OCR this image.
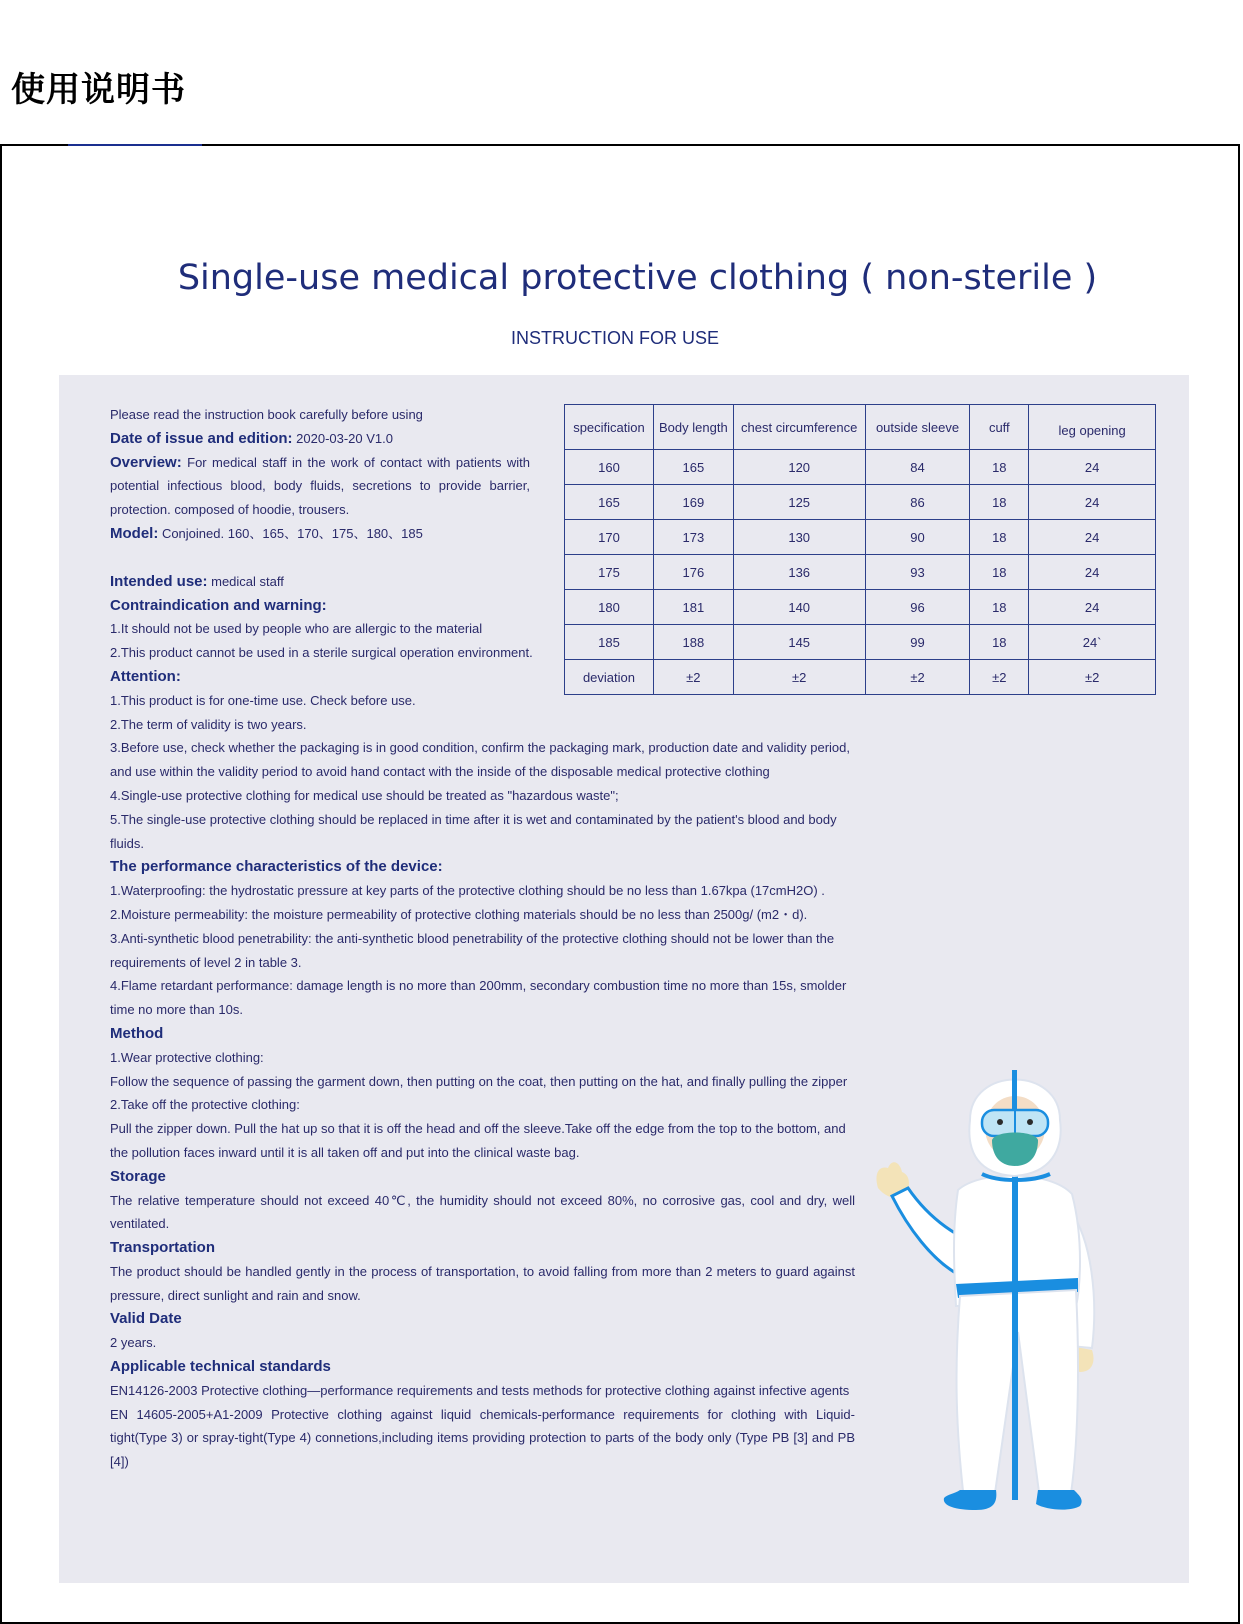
使用说明书
Single-use medical protective clothing ( non-sterile )
INSTRUCTION FOR USE

Please read the instruction book carefully before using

Date of issue and edition: 2020-03-20 V1.0

Overview: For medical staff in the work of contact with patients with potential infectious blood, body fluids, secretions to provide barrier, protection. composed of hoodie, trousers.

Model: Conjoined. 160、165、170、175、180、185

Intended use: medical staff

Contraindication and warning:

1.It should not be used by people who are allergic to the material

2.This product cannot be used in a sterile surgical operation environment.

Attention:

1.This product is for one-time use. Check before use.

2.The term of validity is two years.

3.Before use, check whether the packaging is in good condition, confirm the packaging mark, production date and validity period, and use within the validity period to avoid hand contact with the inside of the disposable medical protective clothing

4.Single-use protective clothing for medical use should be treated as "hazardous waste";

5.The single-use protective clothing should be replaced in time after it is wet and contaminated by the patient's blood and body fluids.

The performance characteristics of the device:

1.Waterproofing: the hydrostatic pressure at key parts of the protective clothing should be no less than 1.67kpa (17cmH2O) .

2.Moisture permeability: the moisture permeability of protective clothing materials should be no less than 2500g/ (m2・d).

3.Anti-synthetic blood penetrability: the anti-synthetic blood penetrability of the protective clothing should not be lower than the requirements of level 2 in table 3.

4.Flame retardant performance: damage length is no more than 200mm, secondary combustion time no more than 15s, smolder time no more than 10s.

Method

1.Wear protective clothing:

Follow the sequence of passing the garment down, then putting on the coat, then putting on the hat, and finally pulling the zipper

2.Take off the protective clothing:

Pull the zipper down. Pull the hat up so that it is off the head and off the sleeve.Take off the edge from the top to the bottom, and the pollution faces inward until it is all taken off and put into the clinical waste bag.

Storage

The relative temperature should not exceed 40℃, the humidity should not exceed 80%, no corrosive gas, cool and dry, well ventilated.

Transportation

The product should be handled gently in the process of transportation, to avoid falling from more than 2 meters to guard against pressure, direct sunlight and rain and snow.

Valid Date

2 years.

Applicable technical standards

EN14126-2003 Protective clothing—performance requirements and tests methods for protective clothing against infective agents

EN 14605-2005+A1-2009 Protective clothing against liquid chemicals-performance requirements for clothing with Liquid-tight(Type 3) or spray-tight(Type 4) connetions,including items providing protection to parts of the body only (Type PB [3] and PB [4])

specification	Body length	chest circumference	outside sleeve	cuff	leg opening
160	165	120	84	18	24
165	169	125	86	18	24
170	173	130	90	18	24
175	176	136	93	18	24
180	181	140	96	18	24
185	188	145	99	18	24`
deviation	±2	±2	±2	±2	±2
